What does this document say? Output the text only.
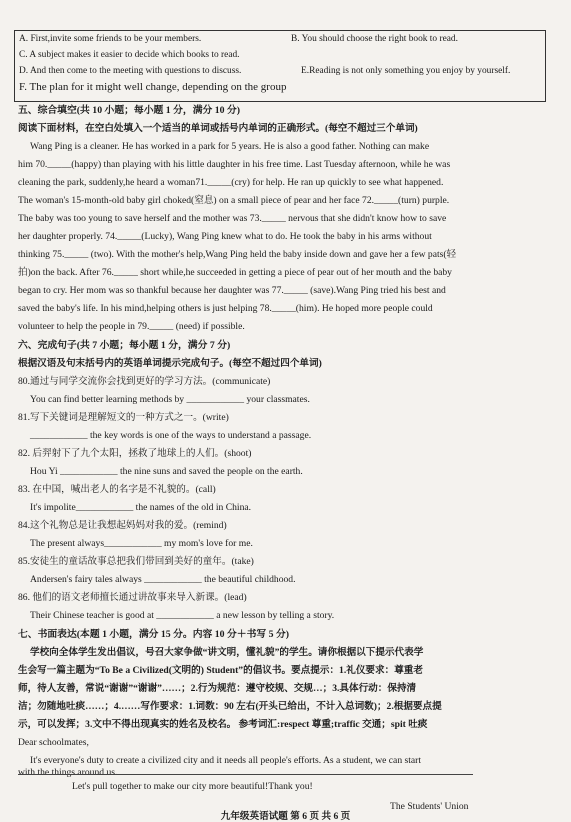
A. First,invite some friends to be your members.	B. You should choose the right book to read.
C. A subject makes it easier to decide which books to read.
D. And then come to the meeting with questions to discuss.	E.Reading is not only something you enjoy by yourself.
F. The plan for it might well change, depending on the group
五、综合填空(共 10 小题；每小题 1 分，满分 10 分)
阅读下面材料，在空白处填入一个适当的单词或括号内单词的正确形式。(每空不超过三个单词)
Wang Ping is a cleaner. He has worked in a park for 5 years. He is also a good father. Nothing can make
him 70._____(happy) than playing with his little daughter in his free time. Last Tuesday afternoon, while he was
cleaning the park, suddenly,he heard a woman71._____(cry) for help. He ran up quickly to see what happened.
The woman's 15-month-old baby girl choked(窒息) on a small piece of pear and her face 72._____(turn) purple.
The baby was too young to save herself and the mother was 73._____ nervous that she didn't know how to save
her daughter properly. 74._____(Lucky), Wang Ping knew what to do. He took the baby in his arms without
thinking 75._____ (two). With the mother's help,Wang Ping held the baby inside down and gave her a few pats(轻
拍)on the back. After 76._____ short while,he succeeded in getting a piece of pear out of her mouth and the baby
began to cry. Her mom was so thankful because her daughter was 77._____ (save).Wang Ping tried his best and
saved the baby's life. In his mind,helping others is just helping 78._____(him). He hoped more people could
volunteer to help the people in 79._____ (need) if possible.
六、完成句子(共 7 小题；每小题 1 分，满分 7 分)
根据汉语及句末括号内的英语单词提示完成句子。(每空不超过四个单词)
80.通过与同学交流你会找到更好的学习方法。(communicate)
You can find better learning methods by ____________ your classmates.
81.写下关键词是理解短文的一种方式之一。(write)
____________ the key words is one of the ways to understand a passage.
82. 后羿射下了九个太阳，拯救了地球上的人们。(shoot)
Hou Yi ____________ the nine suns and saved the people on the earth.
83. 在中国，喊出老人的名字是不礼貌的。(call)
It's impolite____________ the names of the old in China.
84.这个礼物总是让我想起妈妈对我的爱。(remind)
The present always____________ my mom's love for me.
85.安徒生的童话故事总把我们带回到美好的童年。(take)
Andersen's fairy tales always ____________ the beautiful childhood.
86. 他们的语文老师擅长通过讲故事来导入新课。(lead)
Their Chinese teacher is good at ____________ a new lesson by telling a story.
七、书面表达(本题 1 小题，满分 15 分。内容 10 分＋书写 5 分)
学校向全体学生发出倡议，号召大家争做“讲文明，懂礼貌”的学生。请你根据以下提示代表学
生会写一篇主题为“To Be a Civilized(文明的) Student”的倡议书。要点提示：1.礼仪要求：尊重老
师，待人友善，常说“谢谢”“谢谢”……；2.行为规范：遵守校规、交规…；3.具体行动：保持清
洁；勿随地吐痰……；4.……写作要求：1.词数：90 左右(开头已给出，不计入总词数)；2.根据要点提
示，可以发挥；3.文中不得出现真实的姓名及校名。 参考词汇:respect 尊重;traffic 交通；spit 吐痰
Dear schoolmates,
It's everyone's duty to create a civilized city and it needs all people's efforts. As a student, we can start
with the things around us.
Let's pull together to make our city more beautiful!Thank you!
The Students' Union
九年级英语试题 第 6 页 共 6 页
